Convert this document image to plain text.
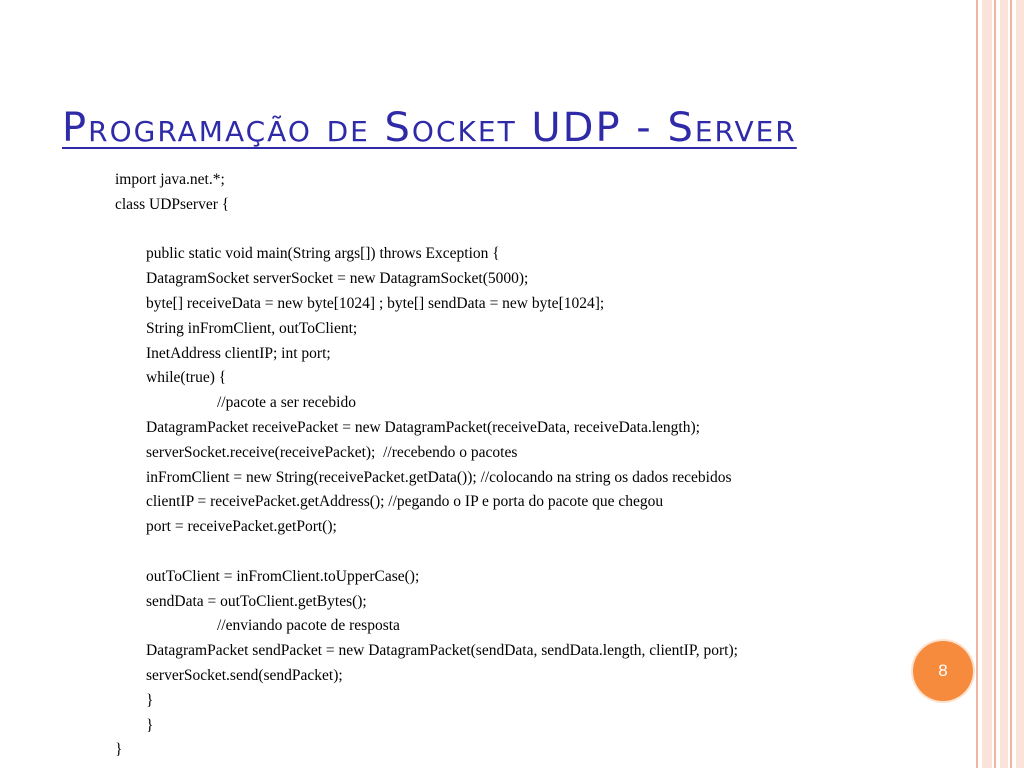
Programação de Socket UDP - Server
import java.net.*;
class UDPserver {
public static void main(String args[]) throws Exception {
DatagramSocket serverSocket = new DatagramSocket(5000);
byte[] receiveData = new byte[1024] ; byte[] sendData = new byte[1024];
String inFromClient, outToClient;
InetAddress clientIP; int port;
while(true) {
//pacote a ser recebido
DatagramPacket receivePacket = new DatagramPacket(receiveData, receiveData.length);
serverSocket.receive(receivePacket);  //recebendo o pacotes
inFromClient = new String(receivePacket.getData()); //colocando na string os dados recebidos
clientIP = receivePacket.getAddress(); //pegando o IP e porta do pacote que chegou
port = receivePacket.getPort();
outToClient = inFromClient.toUpperCase();
sendData = outToClient.getBytes();
//enviando pacote de resposta
DatagramPacket sendPacket = new DatagramPacket(sendData, sendData.length, clientIP, port);
serverSocket.send(sendPacket);
}
}
}
8
